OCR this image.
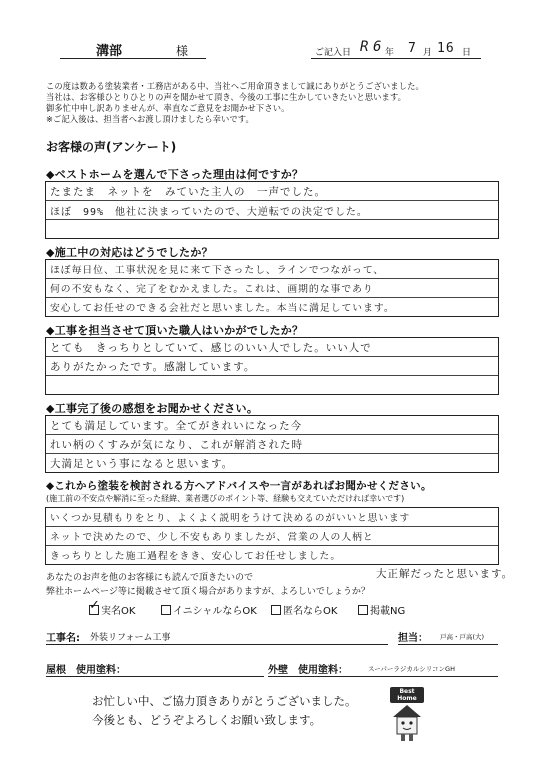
溝部	様	ご記入日 R 6 年 7 月 16 日
この度は数ある塗装業者・工務店がある中、当社へご用命頂きまして誠にありがとうございました。
当社は、お客様ひとりひとりの声を聞かせて頂き、今後の工事に生かしていきたいと思います。
御多忙中申し訳ありませんが、率直なご意見をお聞かせ下さい。
※ご記入後は、担当者へお渡し頂けましたら幸いです。
お客様の声(アンケート)
◆ベストホームを選んで下さった理由は何ですか？
たまたま　ネットを　みていた主人の　一声でした。
ほぼ　99%　他社に決まっていたので、大逆転での決定でした。
◆施工中の対応はどうでしたか？
ほぼ毎日位、工事状況を見に来て下さったし、ラインでつながって、
何の不安もなく、完了をむかえました。これは、画期的な事であり
安心してお任せのできる会社だと思いました。本当に満足しています。
◆工事を担当させて頂いた職人はいかがでしたか？
とても　きっちりとしていて、感じのいい人でした。いい人で
ありがたかったです。感謝しています。
◆工事完了後の感想をお聞かせください。
とても満足しています。全てがきれいになった今
れい柄のくすみが気になり、これが解消された時
大満足という事になると思います。
◆これから塗装を検討される方へアドバイスや一言があればお聞かせください。
(施工前の不安点や解消に至った経緯、業者選びのポイント等、経験も交えていただければ幸いです)
いくつか見積もりをとり、よくよく説明をうけて決めるのがいいと思います
ネットで決めたので、少し不安もありましたが、営業の人の人柄と
きっちりとした施工過程をきき、安心してお任せしました。
大正解だったと思います。
あなたのお声を他のお客様にも読んで頂きたいので
弊社ホームページ等に掲載させて頂く場合がありますが、よろしいでしょうか？
✓ 実名OK	イニシャルならOK	匿名ならOK	掲載NG
工事名: 外装リフォーム工事	担当： 戸高・戸高(大)
屋根　使用塗料：	外壁　使用塗料：	スーパーラジカルシリコンGH
お忙しい中、ご協力頂きありがとうございました。
今後とも、どうぞよろしくお願い致します。
Best Home
